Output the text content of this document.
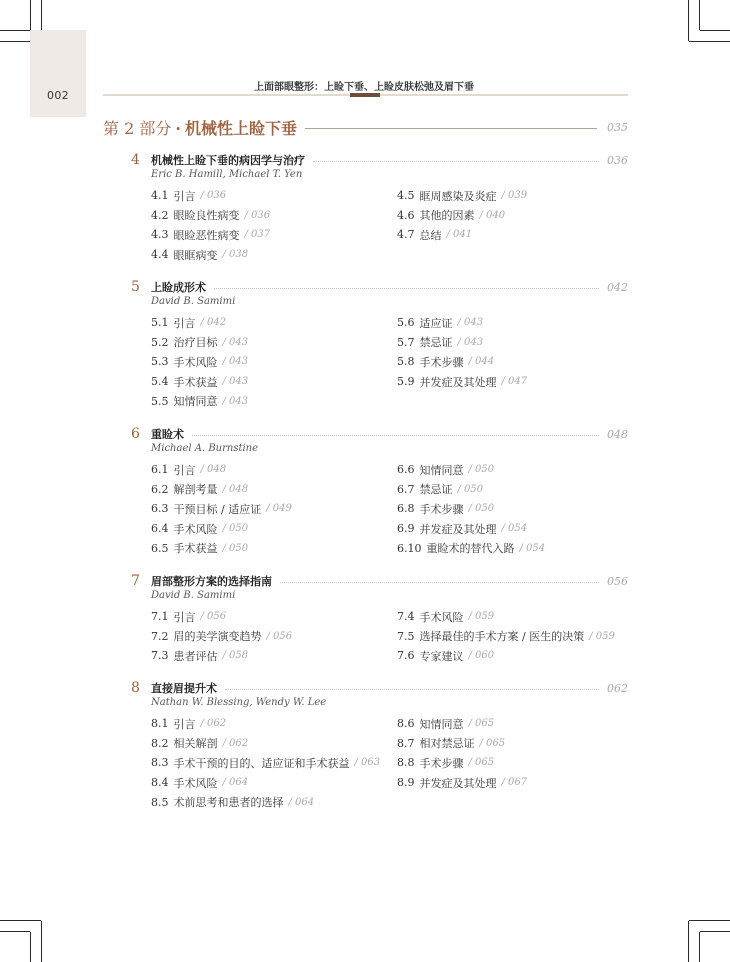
002
上面部眼整形：上睑下垂、上睑皮肤松弛及眉下垂
第 2 部分 · 机械性上睑下垂	035
4	机械性上睑下垂的病因学与治疗	036
Eric B. Hamill, Michael T. Yen
4.1 引言 / 036
4.2 眼睑良性病变 / 036
4.3 眼睑恶性病变 / 037
4.4 眼眶病变 / 038
4.5 眶周感染及炎症 / 039
4.6 其他的因素 / 040
4.7 总结 / 041
5	上睑成形术	042
David B. Samimi
5.1 引言 / 042
5.2 治疗目标 / 043
5.3 手术风险 / 043
5.4 手术获益 / 043
5.5 知情同意 / 043
5.6 适应证 / 043
5.7 禁忌证 / 043
5.8 手术步骤 / 044
5.9 并发症及其处理 / 047
6	重睑术	048
Michael A. Burnstine
6.1 引言 / 048
6.2 解剖考量 / 048
6.3 干预目标 / 适应证 / 049
6.4 手术风险 / 050
6.5 手术获益 / 050
6.6 知情同意 / 050
6.7 禁忌证 / 050
6.8 手术步骤 / 050
6.9 并发症及其处理 / 054
6.10 重睑术的替代入路 / 054
7	眉部整形方案的选择指南	056
David B. Samimi
7.1 引言 / 056
7.2 眉的美学演变趋势 / 056
7.3 患者评估 / 058
7.4 手术风险 / 059
7.5 选择最佳的手术方案 / 医生的决策 / 059
7.6 专家建议 / 060
8	直接眉提升术	062
Nathan W. Blessing, Wendy W. Lee
8.1 引言 / 062
8.2 相关解剖 / 062
8.3 手术干预的目的、适应证和手术获益 / 063
8.4 手术风险 / 064
8.5 术前思考和患者的选择 / 064
8.6 知情同意 / 065
8.7 相对禁忌证 / 065
8.8 手术步骤 / 065
8.9 并发症及其处理 / 067
